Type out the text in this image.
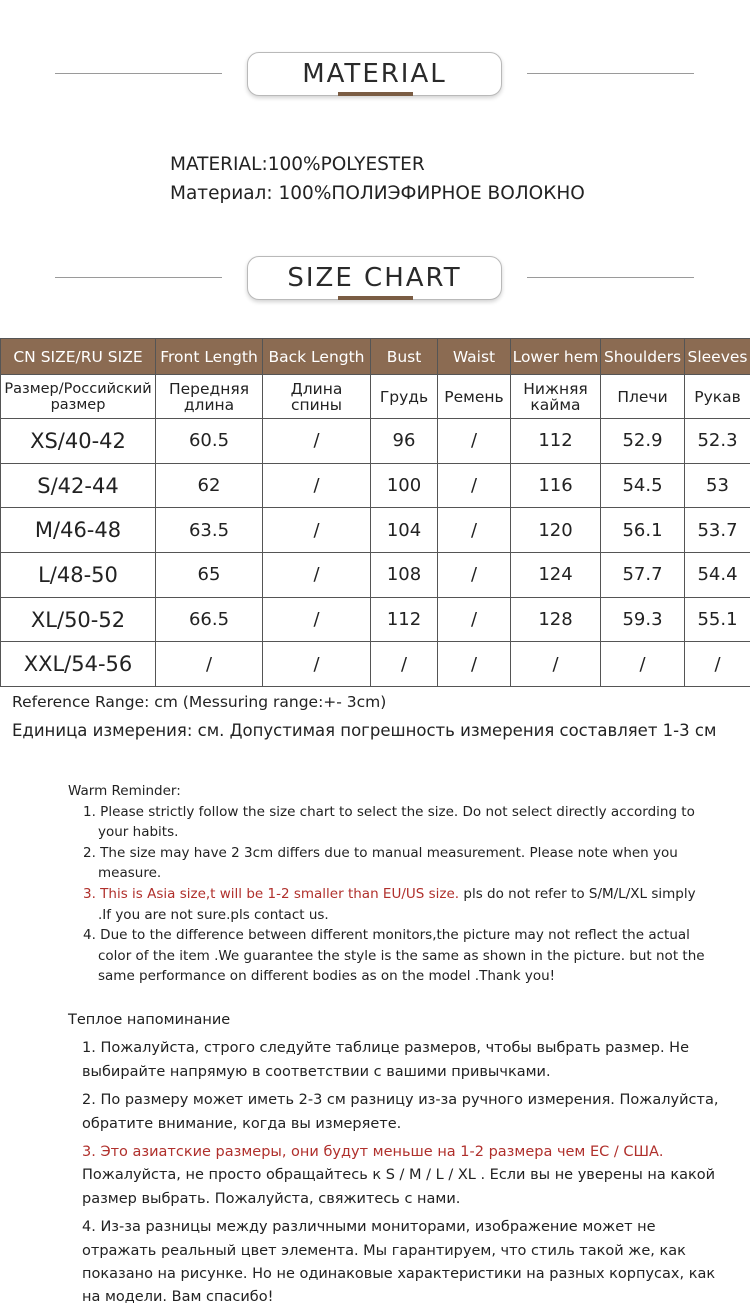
MATERIAL
MATERIAL:100%POLYESTER
Материал: 100%ПОЛИЭФИРНОЕ ВОЛОКНО
SIZE CHART
CN SIZE/RU SIZE	Front Length	Back Length	Bust	Waist	Lower hem	Shoulders	Sleeves
Размер/Российский размер	Передняя длина	Длина спины	Грудь	Ремень	Нижняя кайма	Плечи	Рукав
XS/40-42	60.5	/	96	/	112	52.9	52.3
S/42-44	62	/	100	/	116	54.5	53
M/46-48	63.5	/	104	/	120	56.1	53.7
L/48-50	65	/	108	/	124	57.7	54.4
XL/50-52	66.5	/	112	/	128	59.3	55.1
XXL/54-56	/	/	/	/	/	/	/
Reference Range: cm (Messuring range:+- 3cm)
Единица измерения: см. Допустимая погрешность измерения составляет 1-3 см
Warm Reminder:
1. Please strictly follow the size chart to select the size. Do not select directly according to your habits.
2. The size may have 2 3cm differs due to manual measurement. Please note when you measure.
3. This is Asia size,t will be 1-2 smaller than EU/US size. pls do not refer to S/M/L/XL simply .If you are not sure.pls contact us.
4. Due to the difference between different monitors,the picture may not reflect the actual color of the item .We guarantee the style is the same as shown in the picture. but not the same performance on different bodies as on the model .Thank you!
Теплое напоминание
1. Пожалуйста, строго следуйте таблице размеров, чтобы выбрать размер. Не выбирайте напрямую в соответствии с вашими привычками.
2. По размеру может иметь 2-3 см разницу из-за ручного измерения. Пожалуйста, обратите внимание, когда вы измеряете.
3. Это азиатские размеры, они будут меньше на 1-2 размера чем EC / США.
Пожалуйста, не просто обращайтесь к S / M / L / XL . Если вы не уверены на какой размер выбрать. Пожалуйста, свяжитесь с нами.
4. Из-за разницы между различными мониторами, изображение может не отражать реальный цвет элемента. Мы гарантируем, что стиль такой же, как показано на рисунке. Но не одинаковые характеристики на разных корпусах, как на модели. Вам спасибо!
